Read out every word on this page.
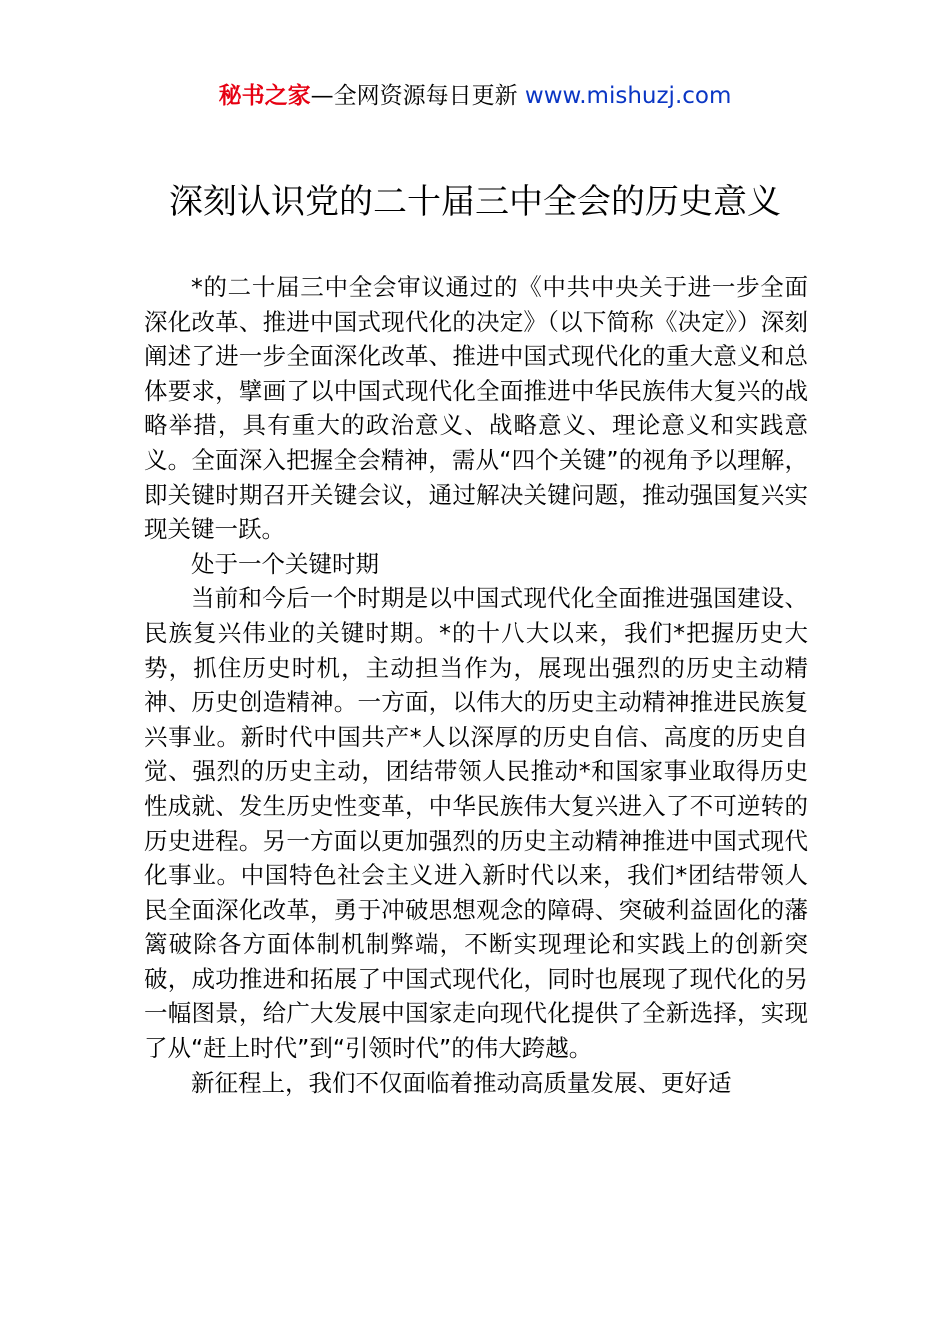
秘书之家—全网资源每日更新 www.mishuzj.com
深刻认识党的二十届三中全会的历史意义

*的二十届三中全会审议通过的《中共中央关于进一步全面深化改革、推进中国式现代化的决定》（以下简称《决定》）深刻阐述了进一步全面深化改革、推进中国式现代化的重大意义和总体要求，擘画了以中国式现代化全面推进中华民族伟大复兴的战略举措，具有重大的政治意义、战略意义、理论意义和实践意义。全面深入把握全会精神，需从“四个关键”的视角予以理解，即关键时期召开关键会议，通过解决关键问题，推动强国复兴实现关键一跃。

处于一个关键时期

当前和今后一个时期是以中国式现代化全面推进强国建设、民族复兴伟业的关键时期。*的十八大以来，我们*把握历史大势，抓住历史时机，主动担当作为，展现出强烈的历史主动精神、历史创造精神。一方面，以伟大的历史主动精神推进民族复兴事业。新时代中国共产*人以深厚的历史自信、高度的历史自觉、强烈的历史主动，团结带领人民推动*和国家事业取得历史性成就、发生历史性变革，中华民族伟大复兴进入了不可逆转的历史进程。另一方面以更加强烈的历史主动精神推进中国式现代化事业。中国特色社会主义进入新时代以来，我们*团结带领人民全面深化改革，勇于冲破思想观念的障碍、突破利益固化的藩篱破除各方面体制机制弊端，不断实现理论和实践上的创新突破，成功推进和拓展了中国式现代化，同时也展现了现代化的另一幅图景，给广大发展中国家走向现代化提供了全新选择，实现了从“赶上时代”到“引领时代”的伟大跨越。

新征程上，我们不仅面临着推动高质量发展、更好适
